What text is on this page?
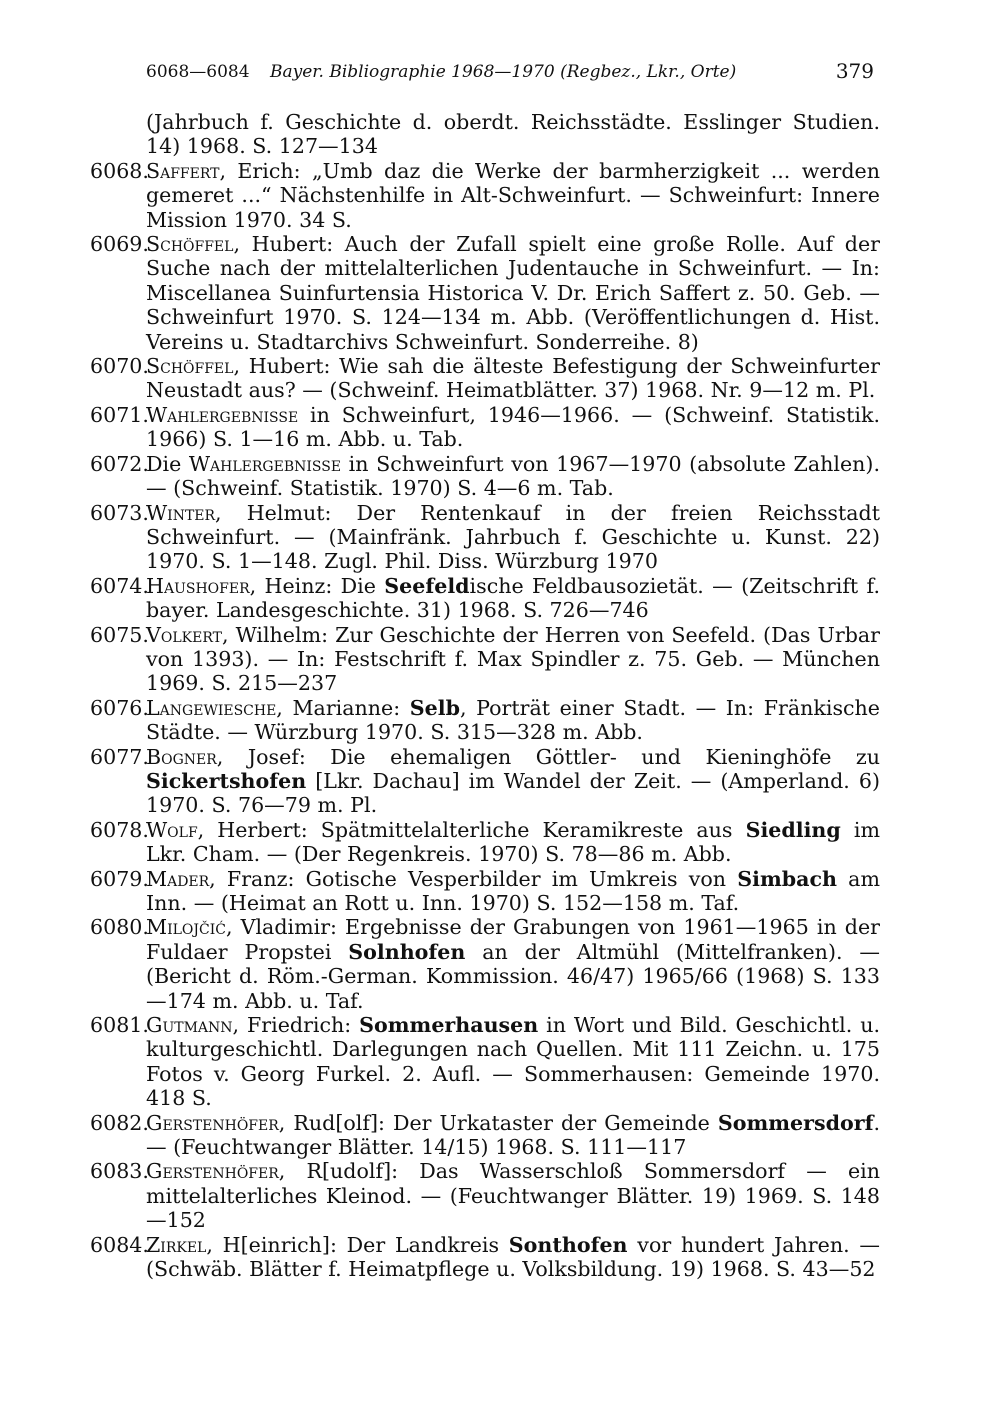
6068—6084 Bayer. Bibliographie 1968—1970 (Regbez., Lkr., Orte)	379
(Jahrbuch f. Geschichte d. oberdt. Reichsstädte. Esslinger Studien. 14) 1968. S. 127—134
6068.
Saffert, Erich: „Umb daz die Werke der barmherzigkeit ... werden gemeret ...“ Nächstenhilfe in Alt-Schweinfurt. — Schweinfurt: Innere Mission 1970. 34 S.
6069.
Schöffel, Hubert: Auch der Zufall spielt eine große Rolle. Auf der Suche nach der mittelalterlichen Judentauche in Schweinfurt. — In: Miscellanea Suinfurtensia Historica V. Dr. Erich Saffert z. 50. Geb. — Schweinfurt 1970. S. 124—134 m. Abb. (Veröffentlichungen d. Hist. Vereins u. Stadtarchivs Schweinfurt. Sonderreihe. 8)
6070.
Schöffel, Hubert: Wie sah die älteste Befestigung der Schweinfurter Neustadt aus? — (Schweinf. Heimatblätter. 37) 1968. Nr. 9—12 m. Pl.
6071.
Wahlergebnisse in Schweinfurt, 1946—1966. — (Schweinf. Statistik. 1966) S. 1—16 m. Abb. u. Tab.
6072.
Die Wahlergebnisse in Schweinfurt von 1967—1970 (absolute Zahlen). — (Schweinf. Statistik. 1970) S. 4—6 m. Tab.
6073.
Winter, Helmut: Der Rentenkauf in der freien Reichsstadt Schweinfurt. — (Mainfränk. Jahrbuch f. Geschichte u. Kunst. 22) 1970. S. 1—148. Zugl. Phil. Diss. Würzburg 1970
6074.
Haushofer, Heinz: Die Seefeldische Feldbausozietät. — (Zeitschrift f. bayer. Landesgeschichte. 31) 1968. S. 726—746
6075.
Volkert, Wilhelm: Zur Geschichte der Herren von Seefeld. (Das Urbar von 1393). — In: Festschrift f. Max Spindler z. 75. Geb. — München 1969. S. 215—237
6076.
Langewiesche, Marianne: Selb, Porträt einer Stadt. — In: Fränkische Städte. — Würzburg 1970. S. 315—328 m. Abb.
6077.
Bogner, Josef: Die ehemaligen Göttler- und Kieninghöfe zu Sickertshofen [Lkr. Dachau] im Wandel der Zeit. — (Amperland. 6) 1970. S. 76—79 m. Pl.
6078.
Wolf, Herbert: Spätmittelalterliche Keramikreste aus Siedling im Lkr. Cham. — (Der Regenkreis. 1970) S. 78—86 m. Abb.
6079.
Mader, Franz: Gotische Vesperbilder im Umkreis von Simbach am Inn. — (Heimat an Rott u. Inn. 1970) S. 152—158 m. Taf.
6080.
Milojčić, Vladimir: Ergebnisse der Grabungen von 1961—1965 in der Fuldaer Propstei Solnhofen an der Altmühl (Mittelfranken). — (Bericht d. Röm.-German. Kommission. 46/47) 1965/66 (1968) S. 133—174 m. Abb. u. Taf.
6081.
Gutmann, Friedrich: Sommerhausen in Wort und Bild. Geschichtl. u. kulturgeschichtl. Darlegungen nach Quellen. Mit 111 Zeichn. u. 175 Fotos v. Georg Furkel. 2. Aufl. — Sommerhausen: Gemeinde 1970. 418 S.
6082.
Gerstenhöfer, Rud[olf]: Der Urkataster der Gemeinde Sommersdorf. — (Feuchtwanger Blätter. 14/15) 1968. S. 111—117
6083.
Gerstenhöfer, R[udolf]: Das Wasserschloß Sommersdorf — ein mittelalterliches Kleinod. — (Feuchtwanger Blätter. 19) 1969. S. 148—152
6084.
Zirkel, H[einrich]: Der Landkreis Sonthofen vor hundert Jahren. — (Schwäb. Blätter f. Heimatpflege u. Volksbildung. 19) 1968. S. 43—52
